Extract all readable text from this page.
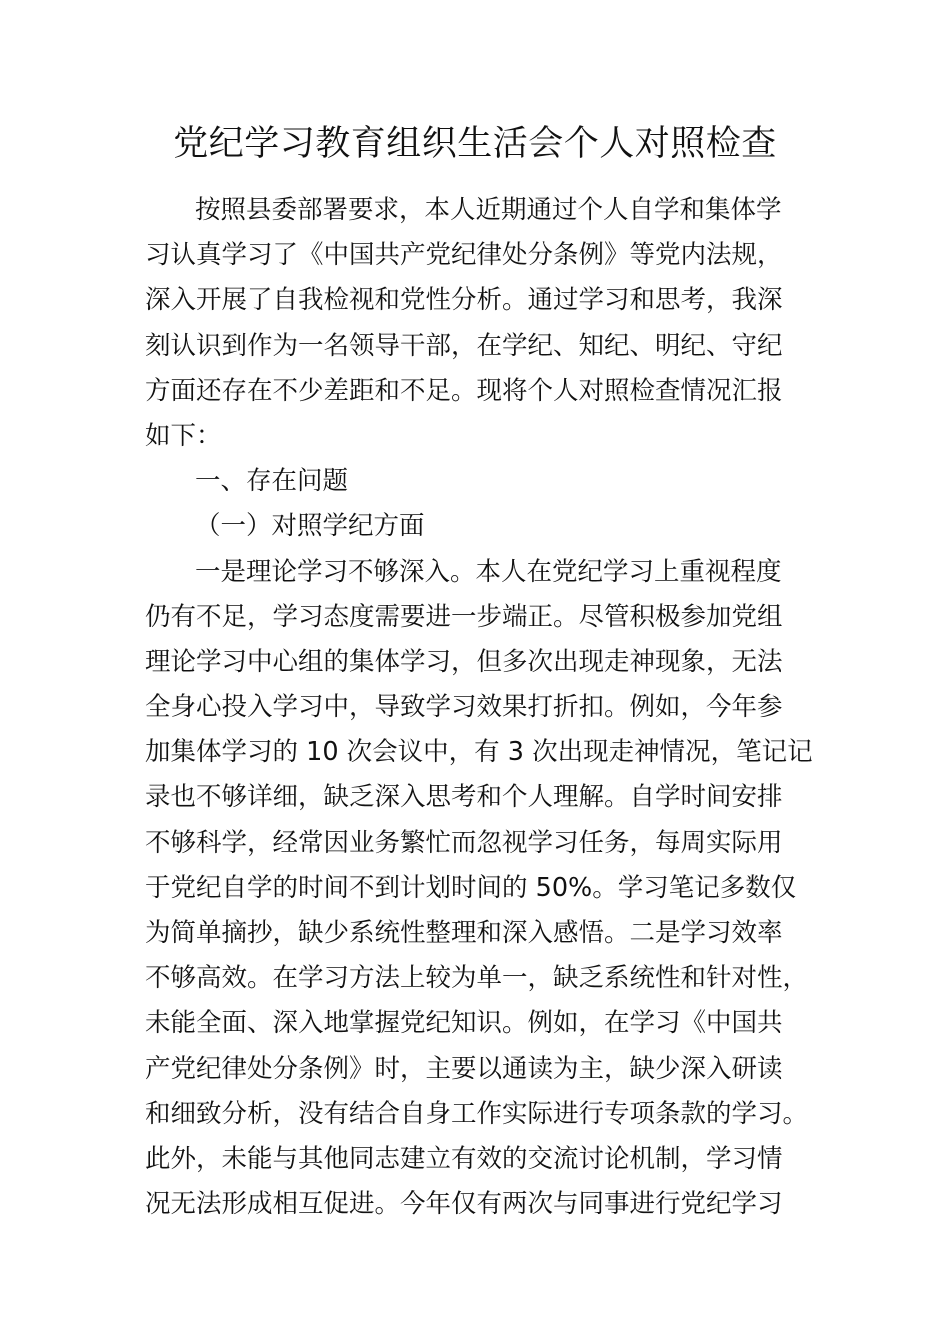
党纪学习教育组织生活会个人对照检查
按照县委部署要求，本人近期通过个人自学和集体学
习认真学习了《中国共产党纪律处分条例》等党内法规，
深入开展了自我检视和党性分析。通过学习和思考，我深
刻认识到作为一名领导干部，在学纪、知纪、明纪、守纪
方面还存在不少差距和不足。现将个人对照检查情况汇报
如下：
一、存在问题
（一）对照学纪方面
一是理论学习不够深入。本人在党纪学习上重视程度
仍有不足，学习态度需要进一步端正。尽管积极参加党组
理论学习中心组的集体学习，但多次出现走神现象，无法
全身心投入学习中，导致学习效果打折扣。例如，今年参
加集体学习的 10 次会议中，有 3 次出现走神情况，笔记记
录也不够详细，缺乏深入思考和个人理解。自学时间安排
不够科学，经常因业务繁忙而忽视学习任务，每周实际用
于党纪自学的时间不到计划时间的 50%。学习笔记多数仅
为简单摘抄，缺少系统性整理和深入感悟。二是学习效率
不够高效。在学习方法上较为单一，缺乏系统性和针对性，
未能全面、深入地掌握党纪知识。例如，在学习《中国共
产党纪律处分条例》时，主要以通读为主，缺少深入研读
和细致分析，没有结合自身工作实际进行专项条款的学习。
此外，未能与其他同志建立有效的交流讨论机制，学习情
况无法形成相互促进。今年仅有两次与同事进行党纪学习
